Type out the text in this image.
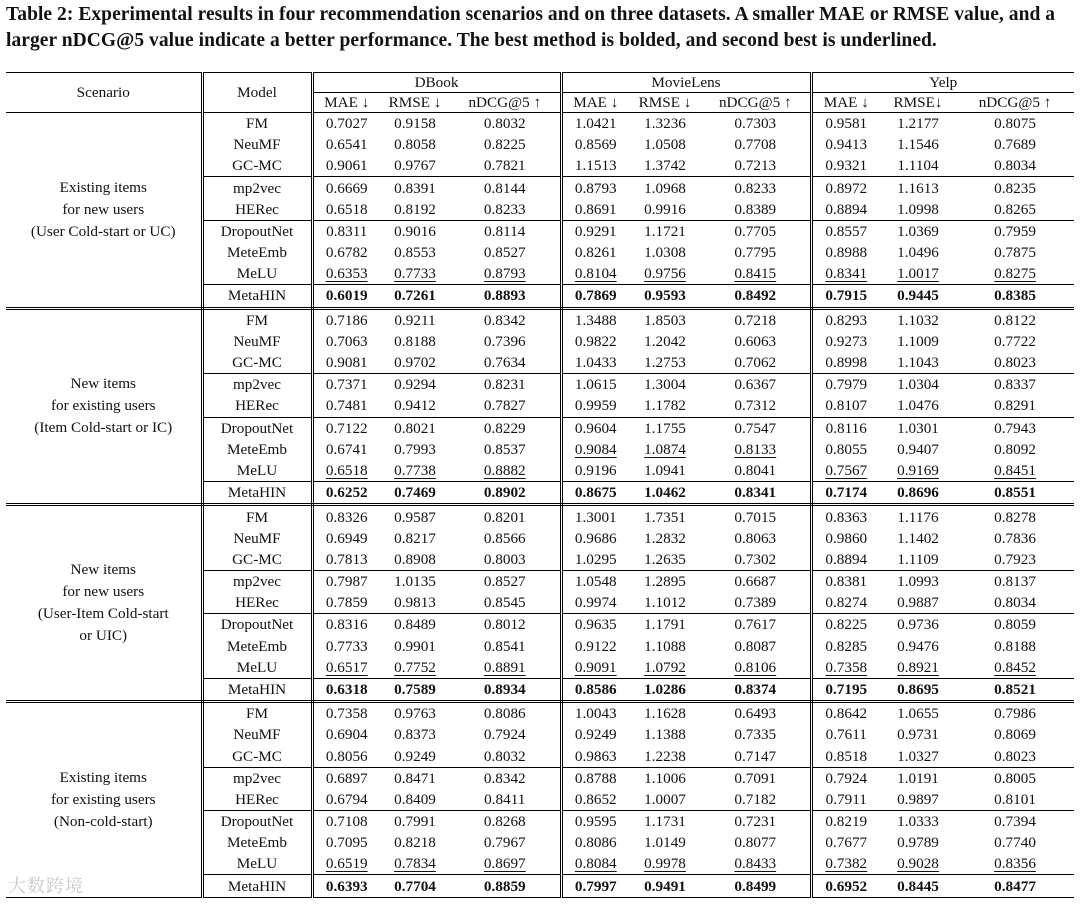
Table 2: Experimental results in four recommendation scenarios and on three datasets. A smaller MAE or RMSE value, and a larger nDCG@5 value indicate a better performance. The best method is bolded, and second best is underlined.
Scenario	Model	DBook			MovieLens			Yelp		
		MAE ↓	RMSE ↓	nDCG@5 ↑	MAE ↓	RMSE ↓	nDCG@5 ↑	MAE ↓	RMSE↓	nDCG@5 ↑

Existing items
for new users
(User Cold-start or UC)	FM	0.7027	0.9158	0.8032	1.0421	1.3236	0.7303	0.9581	1.2177	0.8075
	NeuMF	0.6541	0.8058	0.8225	0.8569	1.0508	0.7708	0.9413	1.1546	0.7689
	GC-MC	0.9061	0.9767	0.7821	1.1513	1.3742	0.7213	0.9321	1.1104	0.8034
	mp2vec	0.6669	0.8391	0.8144	0.8793	1.0968	0.8233	0.8972	1.1613	0.8235
	HERec	0.6518	0.8192	0.8233	0.8691	0.9916	0.8389	0.8894	1.0998	0.8265
	DropoutNet	0.8311	0.9016	0.8114	0.9291	1.1721	0.7705	0.8557	1.0369	0.7959
	MeteEmb	0.6782	0.8553	0.8527	0.8261	1.0308	0.7795	0.8988	1.0496	0.7875
	MeLU	0.6353	0.7733	0.8793	0.8104	0.9756	0.8415	0.8341	1.0017	0.8275
	MetaHIN	0.6019	0.7261	0.8893	0.7869	0.9593	0.8492	0.7915	0.9445	0.8385

New items
for existing users
(Item Cold-start or IC)	FM	0.7186	0.9211	0.8342	1.3488	1.8503	0.7218	0.8293	1.1032	0.8122
	NeuMF	0.7063	0.8188	0.7396	0.9822	1.2042	0.6063	0.9273	1.1009	0.7722
	GC-MC	0.9081	0.9702	0.7634	1.0433	1.2753	0.7062	0.8998	1.1043	0.8023
	mp2vec	0.7371	0.9294	0.8231	1.0615	1.3004	0.6367	0.7979	1.0304	0.8337
	HERec	0.7481	0.9412	0.7827	0.9959	1.1782	0.7312	0.8107	1.0476	0.8291
	DropoutNet	0.7122	0.8021	0.8229	0.9604	1.1755	0.7547	0.8116	1.0301	0.7943
	MeteEmb	0.6741	0.7993	0.8537	0.9084	1.0874	0.8133	0.8055	0.9407	0.8092
	MeLU	0.6518	0.7738	0.8882	0.9196	1.0941	0.8041	0.7567	0.9169	0.8451
	MetaHIN	0.6252	0.7469	0.8902	0.8675	1.0462	0.8341	0.7174	0.8696	0.8551

New items
for new users
(User-Item Cold-start
or UIC)	FM	0.8326	0.9587	0.8201	1.3001	1.7351	0.7015	0.8363	1.1176	0.8278
	NeuMF	0.6949	0.8217	0.8566	0.9686	1.2832	0.8063	0.9860	1.1402	0.7836
	GC-MC	0.7813	0.8908	0.8003	1.0295	1.2635	0.7302	0.8894	1.1109	0.7923
	mp2vec	0.7987	1.0135	0.8527	1.0548	1.2895	0.6687	0.8381	1.0993	0.8137
	HERec	0.7859	0.9813	0.8545	0.9974	1.1012	0.7389	0.8274	0.9887	0.8034
	DropoutNet	0.8316	0.8489	0.8012	0.9635	1.1791	0.7617	0.8225	0.9736	0.8059
	MeteEmb	0.7733	0.9901	0.8541	0.9122	1.1088	0.8087	0.8285	0.9476	0.8188
	MeLU	0.6517	0.7752	0.8891	0.9091	1.0792	0.8106	0.7358	0.8921	0.8452
	MetaHIN	0.6318	0.7589	0.8934	0.8586	1.0286	0.8374	0.7195	0.8695	0.8521

Existing items
for existing users
(Non-cold-start)	FM	0.7358	0.9763	0.8086	1.0043	1.1628	0.6493	0.8642	1.0655	0.7986
	NeuMF	0.6904	0.8373	0.7924	0.9249	1.1388	0.7335	0.7611	0.9731	0.8069
	GC-MC	0.8056	0.9249	0.8032	0.9863	1.2238	0.7147	0.8518	1.0327	0.8023
	mp2vec	0.6897	0.8471	0.8342	0.8788	1.1006	0.7091	0.7924	1.0191	0.8005
	HERec	0.6794	0.8409	0.8411	0.8652	1.0007	0.7182	0.7911	0.9897	0.8101
	DropoutNet	0.7108	0.7991	0.8268	0.9595	1.1731	0.7231	0.8219	1.0333	0.7394
	MeteEmb	0.7095	0.8218	0.7967	0.8086	1.0149	0.8077	0.7677	0.9789	0.7740
	MeLU	0.6519	0.7834	0.8697	0.8084	0.9978	0.8433	0.7382	0.9028	0.8356
	MetaHIN	0.6393	0.7704	0.8859	0.7997	0.9491	0.8499	0.6952	0.8445	0.8477
大数跨境
